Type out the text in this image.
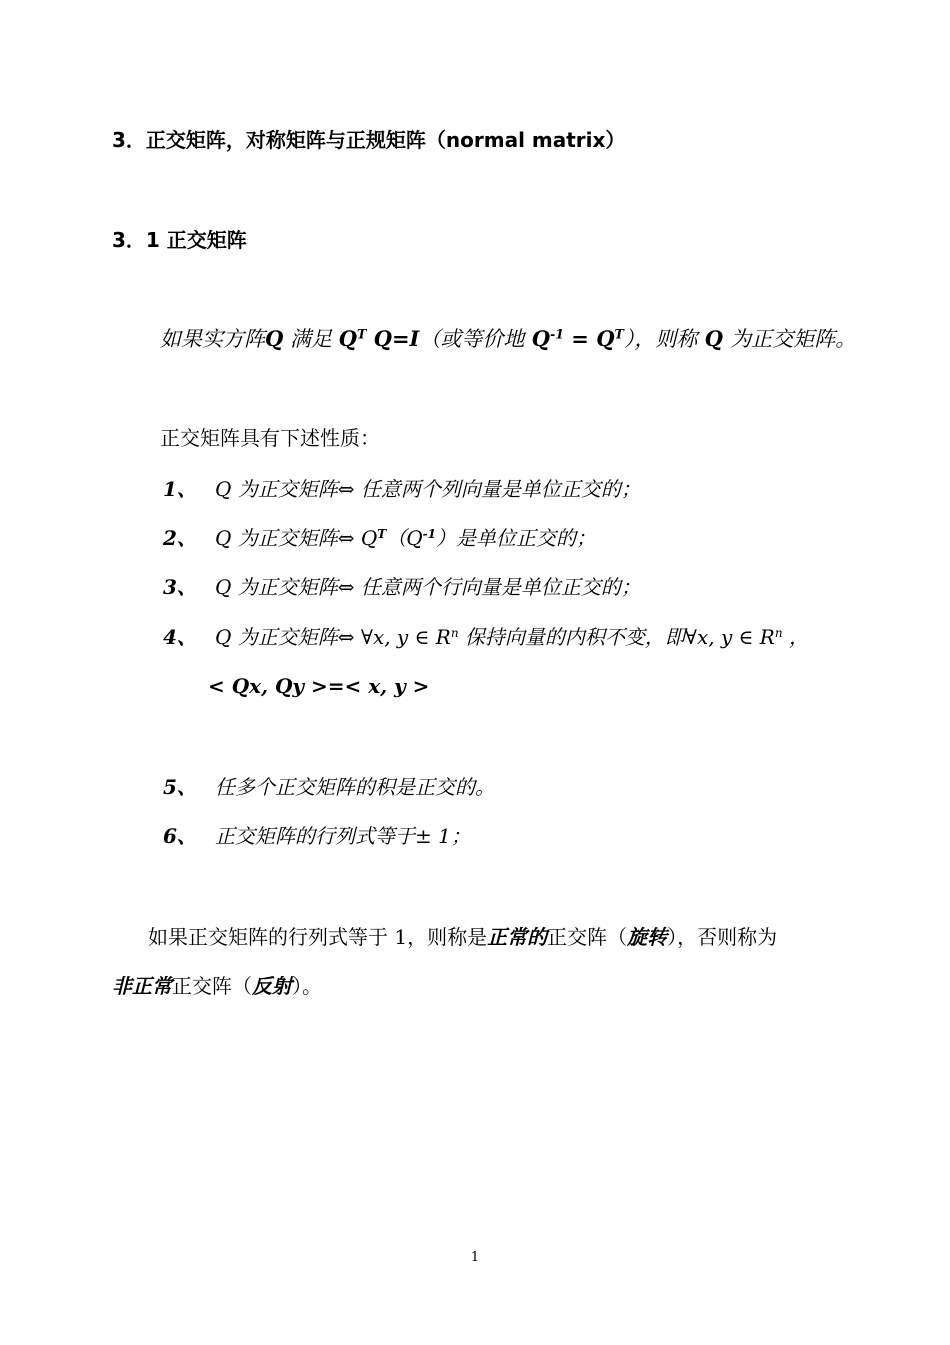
3．正交矩阵，对称矩阵与正规矩阵（normal matrix）
3．1 正交矩阵
如果实方阵Q 满足 $Q^T$ Q=I（或等价地 $Q^{-1} = Q^T$），则称 Q 为正交矩阵。
正交矩阵具有下述性质：
1、 Q 为正交矩阵⇔ 任意两个列向量是单位正交的；
2、 Q 为正交矩阵⇔ $Q^T(Q^{-1})$是单位正交的；
3、 Q 为正交矩阵⇔ 任意两个行向量是单位正交的；
4、 Q 为正交矩阵⇔ ∀x, y ∈ $R^n$ 保持向量的内积不变，即∀x, y ∈ $R^n$ ，
< Qx, Qy >=< x, y >
5、 任多个正交矩阵的积是正交的。
6、 正交矩阵的行列式等于± 1；
如果正交矩阵的行列式等于 1，则称是正常的正交阵（旋转），否则称为
非正常正交阵（反射）。
1
